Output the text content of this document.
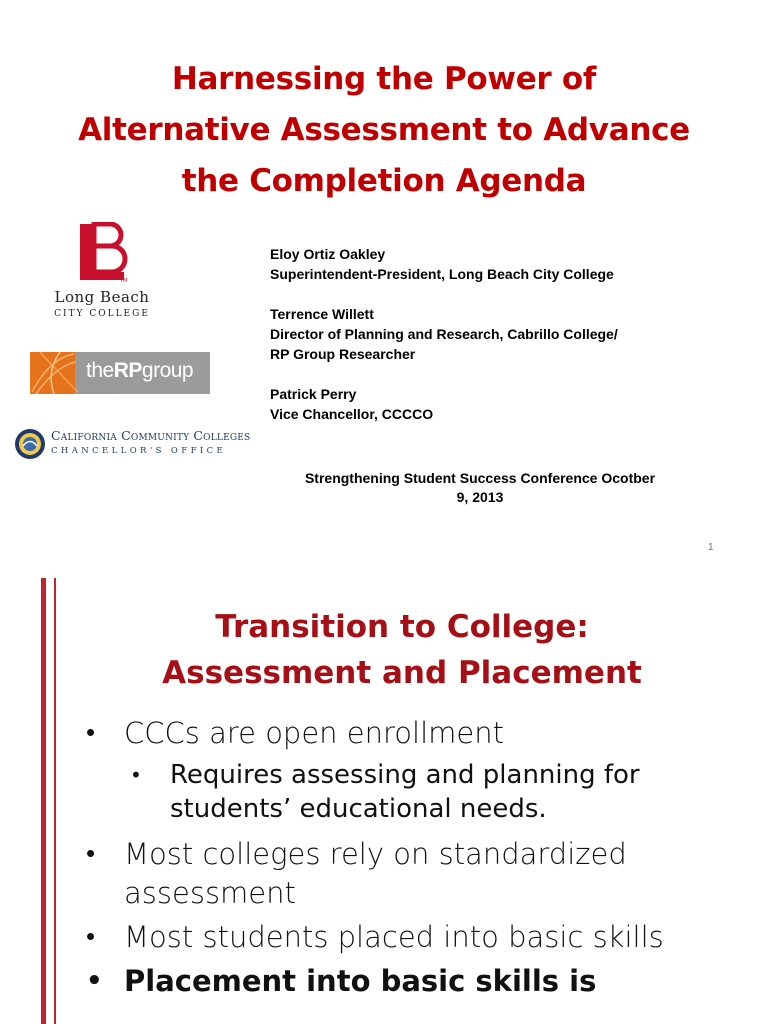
Harnessing the Power of
Alternative Assessment to Advance
the Completion Agenda
TM
Long Beach
CITY COLLEGE
theRPgroup
California Community Colleges
CHANCELLOR'S OFFICE
Eloy Ortiz Oakley
Superintendent-President, Long Beach City College
Terrence Willett
Director of Planning and Research, Cabrillo College/
RP Group Researcher
Patrick Perry
Vice Chancellor, CCCCO
Strengthening Student Success Conference Ocotber
9, 2013
1
Transition to College:
Assessment and Placement
• CCCs are open enrollment
• Requires assessing and planning for
students’ educational needs.
• Most colleges rely on standardized
assessment
• Most students placed into basic skills
• Placement into basic skills is
